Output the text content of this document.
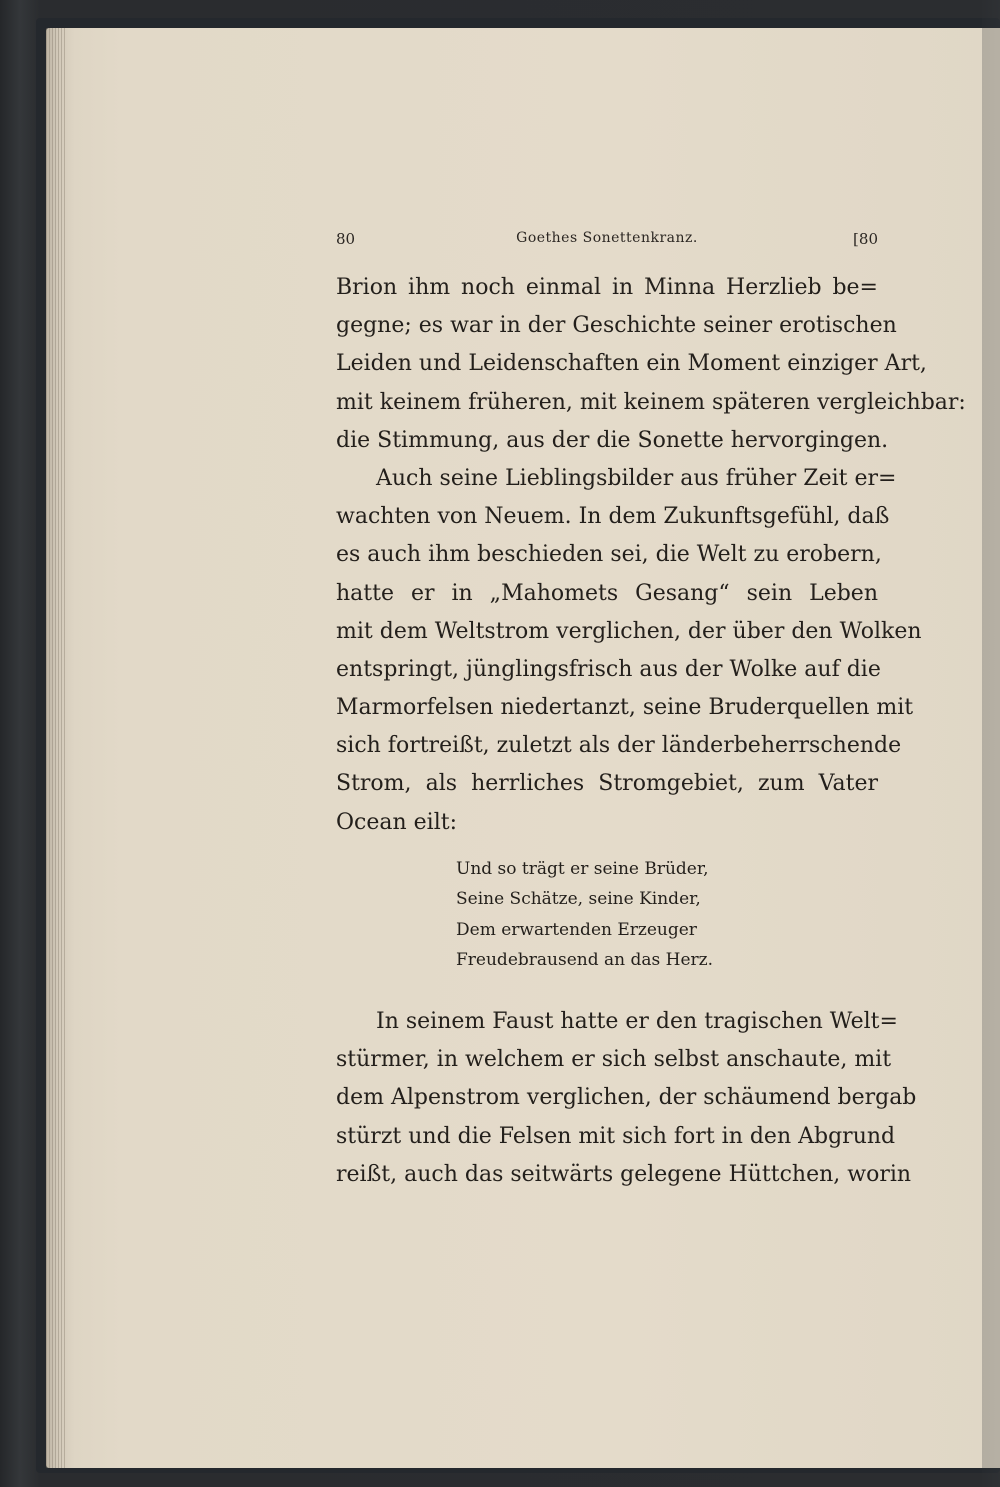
80	Goethes Sonettenkranz.	[80
Brion ihm noch einmal in Minna Herzlieb be=
gegne; es war in der Geschichte seiner erotischen
Leiden und Leidenschaften ein Moment einziger Art,
mit keinem früheren, mit keinem späteren vergleichbar:
die Stimmung, aus der die Sonette hervorgingen.
Auch seine Lieblingsbilder aus früher Zeit er=
wachten von Neuem. In dem Zukunftsgefühl, daß
es auch ihm beschieden sei, die Welt zu erobern,
hatte er in „Mahomets Gesang“ sein Leben
mit dem Weltstrom verglichen, der über den Wolken
entspringt, jünglingsfrisch aus der Wolke auf die
Marmorfelsen niedertanzt, seine Bruderquellen mit
sich fortreißt, zuletzt als der länderbeherrschende
Strom, als herrliches Stromgebiet, zum Vater
Ocean eilt:
Und so trägt er seine Brüder,
Seine Schätze, seine Kinder,
Dem erwartenden Erzeuger
Freudebrausend an das Herz.
In seinem Faust hatte er den tragischen Welt=
stürmer, in welchem er sich selbst anschaute, mit
dem Alpenstrom verglichen, der schäumend bergab
stürzt und die Felsen mit sich fort in den Abgrund
reißt, auch das seitwärts gelegene Hüttchen, worin
